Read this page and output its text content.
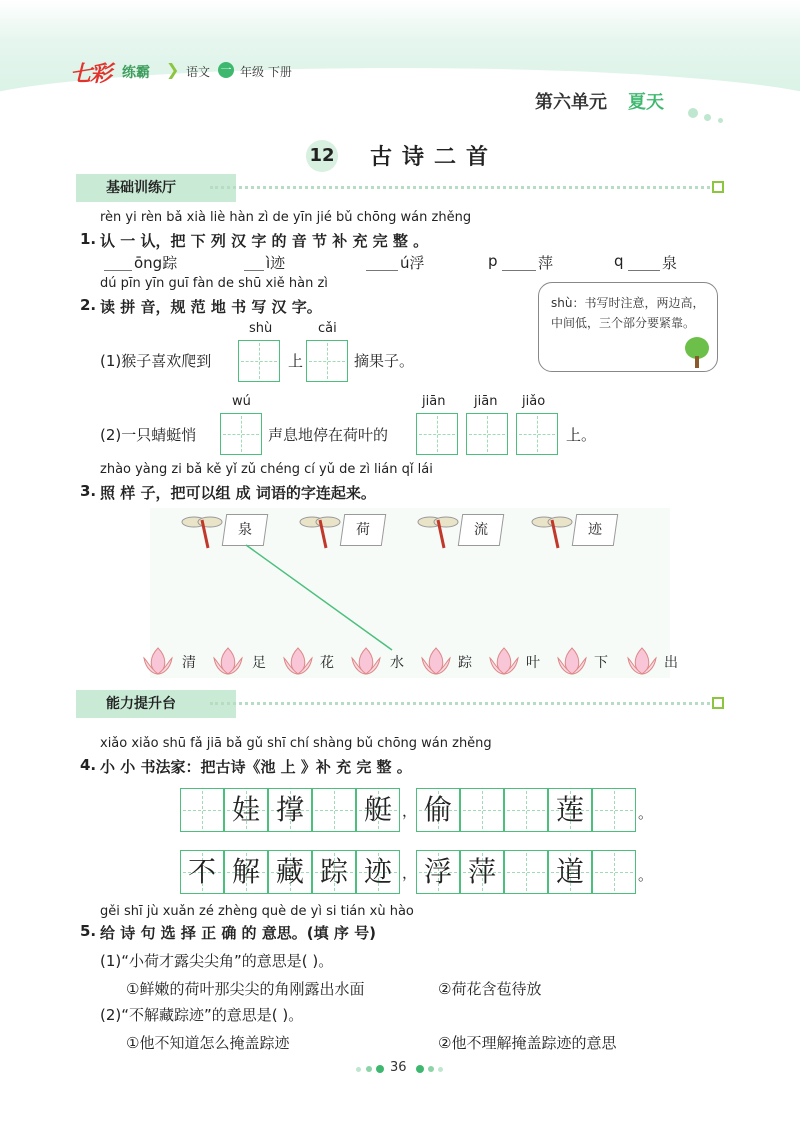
七彩 练霸 ❯ 语文 一 年级 下册
第六单元 夏天
12 古诗二首
基础训练厅
rèn yi rèn bǎ xià liè hàn zì de yīn jié bǔ chōng wán zhěng
1. 认 一 认，把 下 列 汉 字 的 音 节 补 充 完 整 。
ōng踪	ì迹	ú浮	p	萍	q	泉
dú pīn yīn guī fàn de shū xiě hàn zì
2. 读 拼 音，规 范 地 书 写 汉 字。	shù：书写时注意，两边高，中间低，三个部分要紧靠。
shù	cǎi
(1)猴子喜欢爬到	上	摘果子。
wú	jiān jiān jiǎo
(2)一只蜻蜓悄	声息地停在荷叶的	上。
zhào yàng zi bǎ kě yǐ zǔ chéng cí yǔ de zì lián qǐ lái
3. 照 样 子，把可以组 成 词语的字连起来。
泉	荷	流	迹
清	足	花	水	踪	叶	下	出
能力提升台
xiǎo xiǎo shū fǎ jiā bǎ gǔ shī chí shàng bǔ chōng wán zhěng
4. 小 小 书法家：把古诗《池 上 》补 充 完 整 。
娃 撑 艇 ， 偷	莲	。
不 解 藏 踪 迹 ， 浮 萍 道	。
gěi shī jù xuǎn zé zhèng què de yì si tián xù hào
5. 给 诗 句 选 择 正 确 的 意思。(填 序 号)
(1)“小荷才露尖尖角”的意思是( )。
①鲜嫩的荷叶那尖尖的角刚露出水面	②荷花含苞待放
(2)“不解藏踪迹”的意思是( )。
①他不知道怎么掩盖踪迹	②他不理解掩盖踪迹的意思
36
